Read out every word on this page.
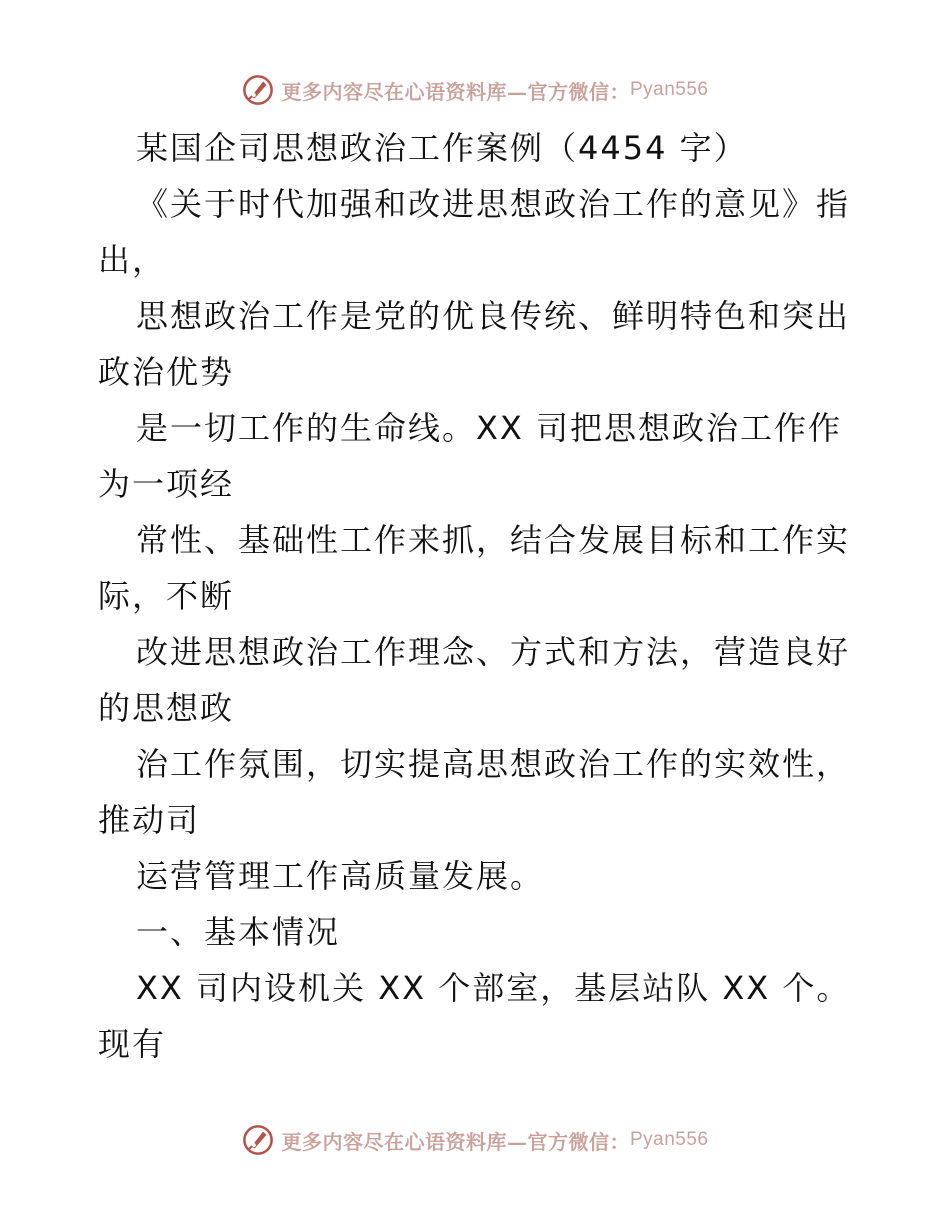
更多内容尽在心语资料库—官方微信： Pyan556
某国企司思想政治工作案例（4454 字）
《关于时代加强和改进思想政治工作的意见》指
出，
思想政治工作是党的优良传统、鲜明特色和突出
政治优势
是一切工作的生命线。XX 司把思想政治工作作
为一项经
常性、基础性工作来抓，结合发展目标和工作实
际，不断
改进思想政治工作理念、方式和方法，营造良好
的思想政
治工作氛围，切实提高思想政治工作的实效性，
推动司
运营管理工作高质量发展。
一、基本情况
XX 司内设机关 XX 个部室，基层站队 XX 个。
现有
更多内容尽在心语资料库—官方微信： Pyan556
